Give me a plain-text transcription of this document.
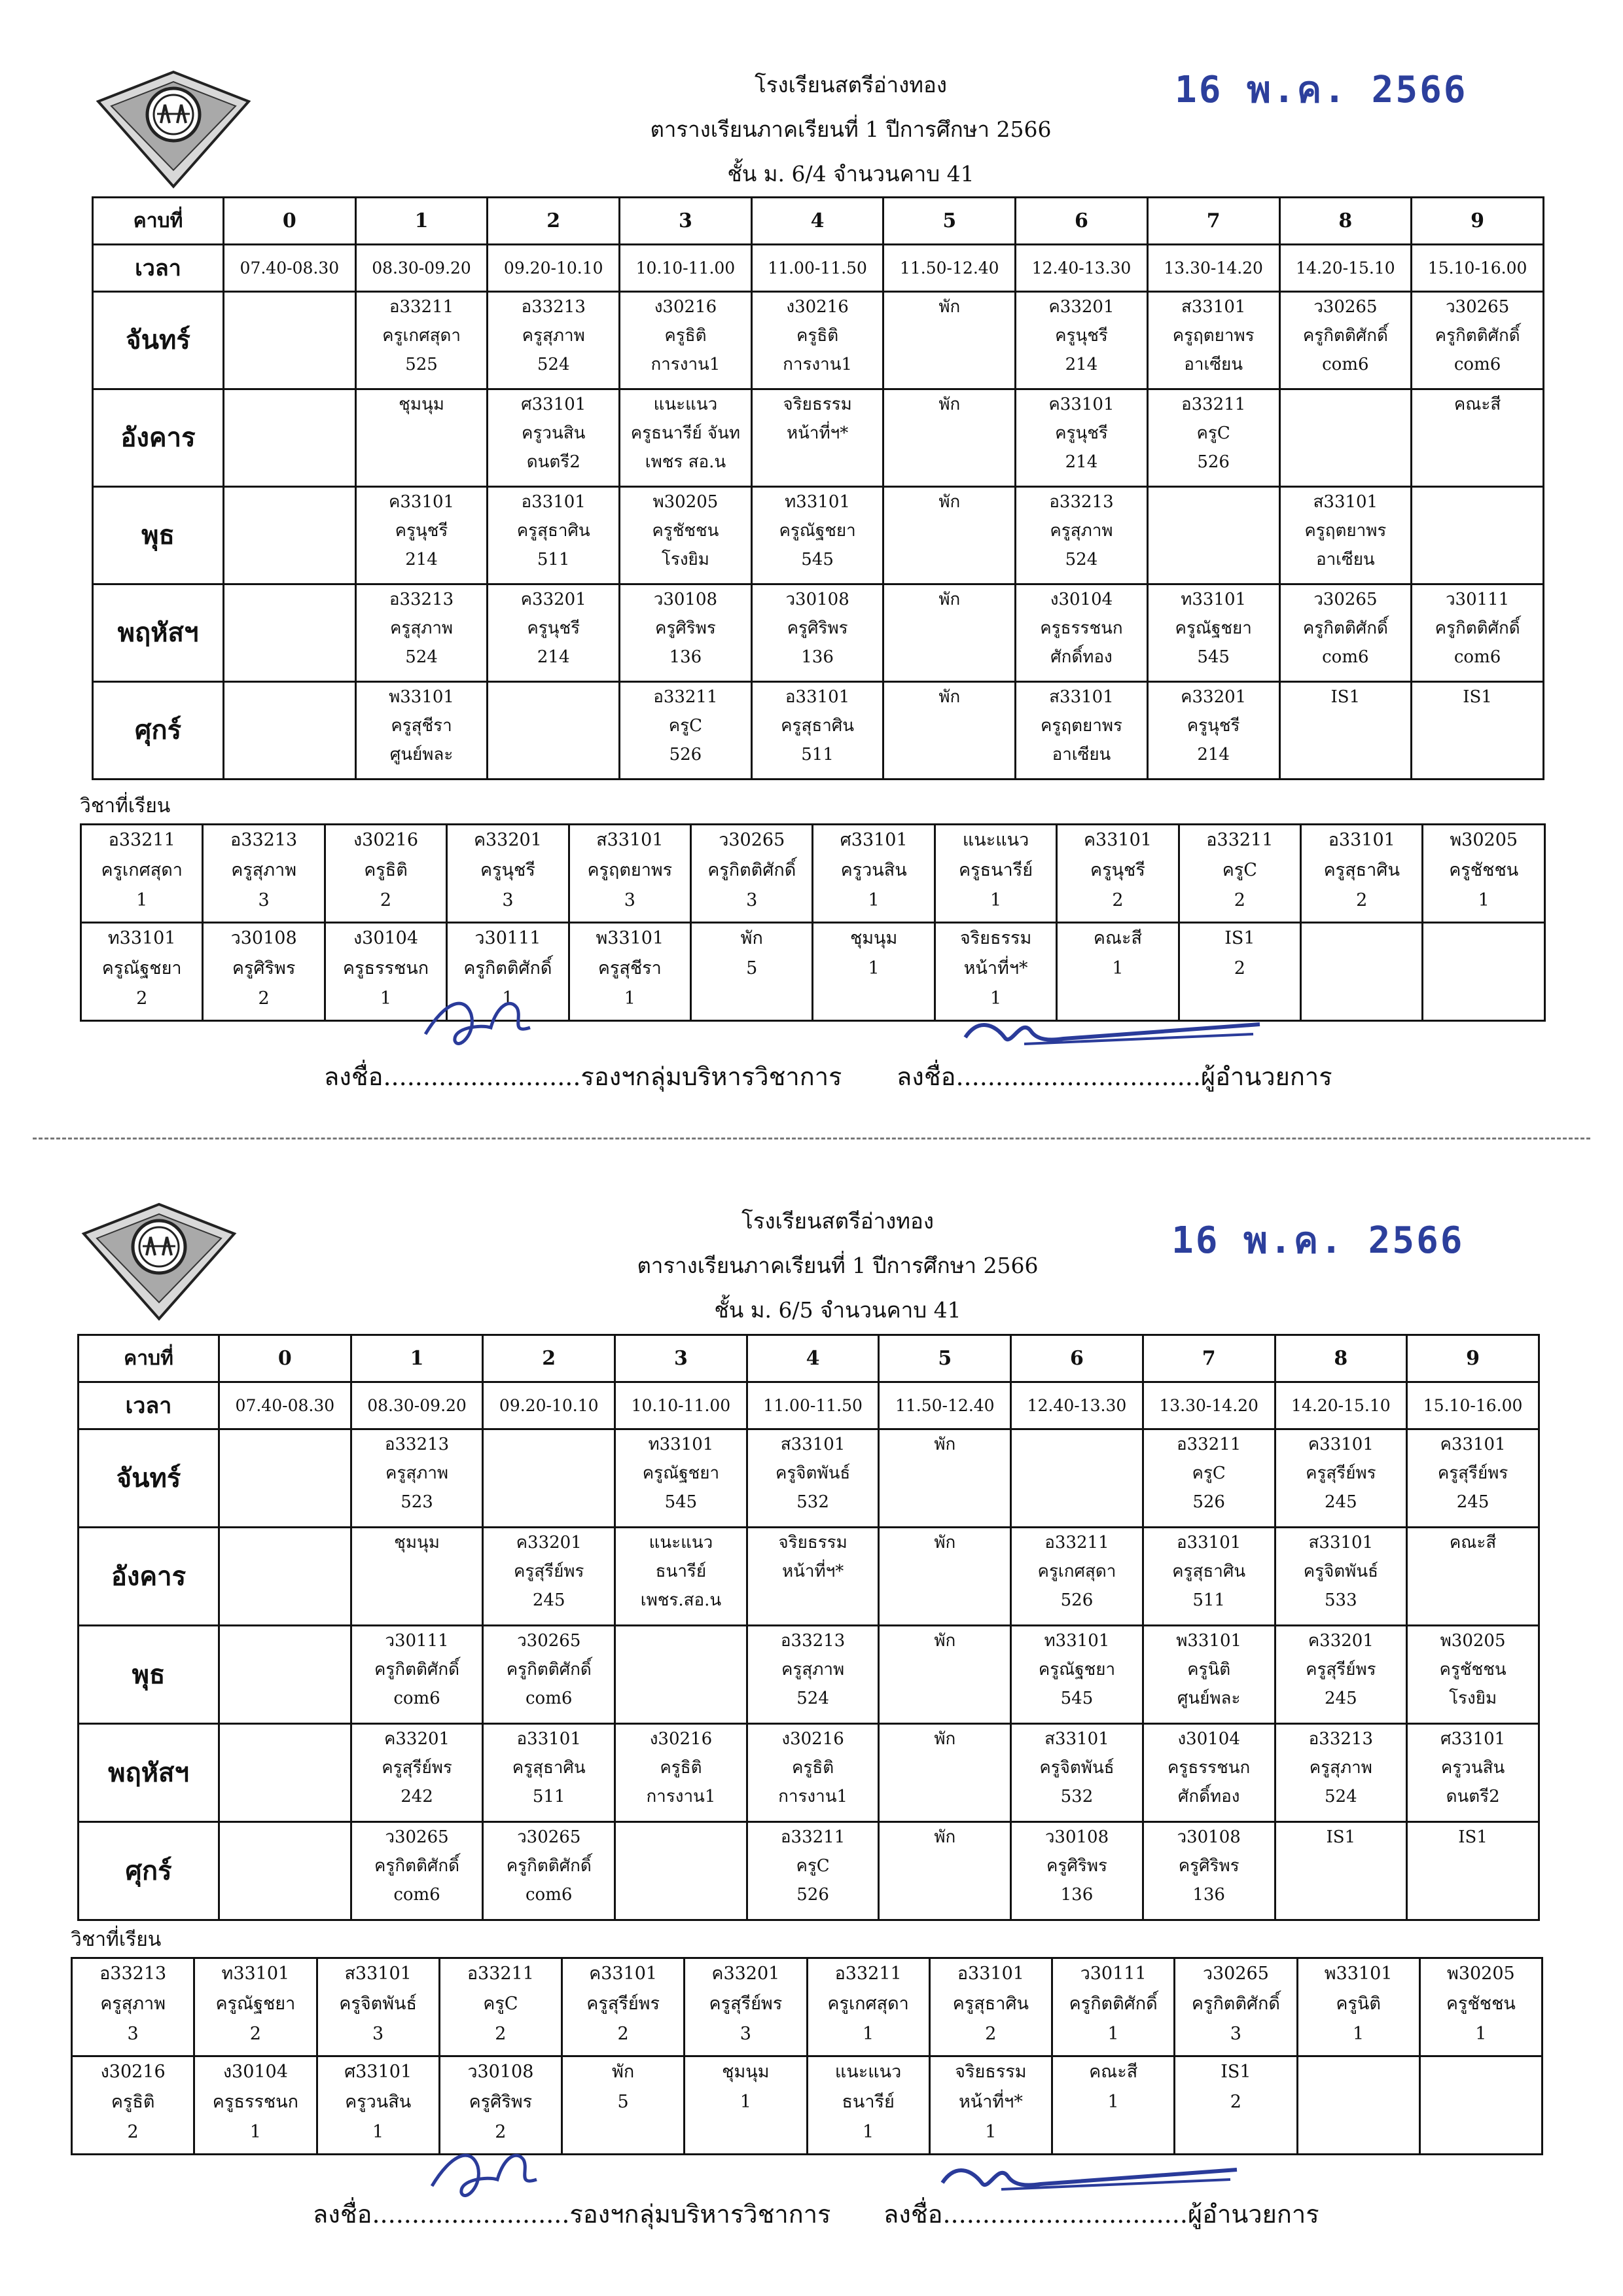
โรงเรียนสตรีอ่างทอง
ตารางเรียนภาคเรียนที่ 1 ปีการศึกษา 2566
ชั้น ม. 6/4 จำนวนคาบ 41
16 พ.ค. 2566
คาบที่	0	1	2	3	4	5	6	7	8	9
เวลา	07.40-08.30	08.30-09.20	09.20-10.10	10.10-11.00	11.00-11.50	11.50-12.40	12.40-13.30	13.30-14.20	14.20-15.10	15.10-16.00
จันทร์		อ33211
ครูเกศสุดา
525	อ33213
ครูสุภาพ
524	ง30216
ครูธิติ
การงาน1	ง30216
ครูธิติ
การงาน1	พัก	ค33201
ครูนุชรี
214	ส33101
ครูฤตยาพร
อาเซียน	ว30265
ครูกิตติศักดิ์
com6	ว30265
ครูกิตติศักดิ์
com6

อังคาร		ชุมนุม	ศ33101
ครูวนสิน
ดนตรี2	แนะแนว
ครูธนารีย์ จันท
เพชร สอ.น	จริยธรรม
หน้าที่ฯ*	พัก	ค33101
ครูนุชรี
214	อ33211
ครูC
526		คณะสี

พุธ		ค33101
ครูนุชรี
214	อ33101
ครูสุธาศิน
511	พ30205
ครูชัชชน
โรงยิม	ท33101
ครูณัฐชยา
545	พัก	อ33213
ครูสุภาพ
524		ส33101
ครูฤตยาพร
อาเซียน	

พฤหัสฯ		อ33213
ครูสุภาพ
524	ค33201
ครูนุชรี
214	ว30108
ครูศิริพร
136	ว30108
ครูศิริพร
136	พัก	ง30104
ครูธรรชนก
ศักดิ์ทอง	ท33101
ครูณัฐชยา
545	ว30265
ครูกิตติศักดิ์
com6	ว30111
ครูกิตติศักดิ์
com6

ศุกร์		พ33101
ครูสุชีรา
ศูนย์พละ		อ33211
ครูC
526	อ33101
ครูสุธาศิน
511	พัก	ส33101
ครูฤตยาพร
อาเซียน	ค33201
ครูนุชรี
214	IS1	IS1
วิชาที่เรียน
อ33211
ครูเกศสุดา
1	อ33213
ครูสุภาพ
3	ง30216
ครูธิติ
2	ค33201
ครูนุชรี
3	ส33101
ครูฤตยาพร
3	ว30265
ครูกิตติศักดิ์
3	ศ33101
ครูวนสิน
1	แนะแนว
ครูธนารีย์
1	ค33101
ครูนุชรี
2	อ33211
ครูC
2	อ33101
ครูสุธาศิน
2	พ30205
ครูชัชชน
1

ท33101
ครูณัฐชยา
2	ว30108
ครูศิริพร
2	ง30104
ครูธรรชนก
1	ว30111
ครูกิตติศักดิ์
1	พ33101
ครูสุชีรา
1	พัก
5	ชุมนุม
1	จริยธรรม
หน้าที่ฯ*
1	คณะสี
1	IS1
2		

ลงชื่อ.........................รองฯกลุ่มบริหารวิชาการ ลงชื่อ...............................ผู้อำนวยการ
โรงเรียนสตรีอ่างทอง
ตารางเรียนภาคเรียนที่ 1 ปีการศึกษา 2566
ชั้น ม. 6/5 จำนวนคาบ 41
16 พ.ค. 2566
คาบที่	0	1	2	3	4	5	6	7	8	9
เวลา	07.40-08.30	08.30-09.20	09.20-10.10	10.10-11.00	11.00-11.50	11.50-12.40	12.40-13.30	13.30-14.20	14.20-15.10	15.10-16.00
จันทร์		อ33213
ครูสุภาพ
523		ท33101
ครูณัฐชยา
545	ส33101
ครูจิตพันธ์
532	พัก		อ33211
ครูC
526	ค33101
ครูสุรีย์พร
245	ค33101
ครูสุรีย์พร
245

อังคาร		ชุมนุม	ค33201
ครูสุรีย์พร
245	แนะแนว
ธนารีย์
เพชร.สอ.น	จริยธรรม
หน้าที่ฯ*	พัก	อ33211
ครูเกศสุดา
526	อ33101
ครูสุธาศิน
511	ส33101
ครูจิตพันธ์
533	คณะสี

พุธ		ว30111
ครูกิตติศักดิ์
com6	ว30265
ครูกิตติศักดิ์
com6		อ33213
ครูสุภาพ
524	พัก	ท33101
ครูณัฐชยา
545	พ33101
ครูนิติ
ศูนย์พละ	ค33201
ครูสุรีย์พร
245	พ30205
ครูชัชชน
โรงยิม

พฤหัสฯ		ค33201
ครูสุรีย์พร
242	อ33101
ครูสุธาศิน
511	ง30216
ครูธิติ
การงาน1	ง30216
ครูธิติ
การงาน1	พัก	ส33101
ครูจิตพันธ์
532	ง30104
ครูธรรชนก
ศักดิ์ทอง	อ33213
ครูสุภาพ
524	ศ33101
ครูวนสิน
ดนตรี2

ศุกร์		ว30265
ครูกิตติศักดิ์
com6	ว30265
ครูกิตติศักดิ์
com6		อ33211
ครูC
526	พัก	ว30108
ครูศิริพร
136	ว30108
ครูศิริพร
136	IS1	IS1
วิชาที่เรียน
อ33213
ครูสุภาพ
3	ท33101
ครูณัฐชยา
2	ส33101
ครูจิตพันธ์
3	อ33211
ครูC
2	ค33101
ครูสุรีย์พร
2	ค33201
ครูสุรีย์พร
3	อ33211
ครูเกศสุดา
1	อ33101
ครูสุธาศิน
2	ว30111
ครูกิตติศักดิ์
1	ว30265
ครูกิตติศักดิ์
3	พ33101
ครูนิติ
1	พ30205
ครูชัชชน
1

ง30216
ครูธิติ
2	ง30104
ครูธรรชนก
1	ศ33101
ครูวนสิน
1	ว30108
ครูศิริพร
2	พัก
5	ชุมนุม
1	แนะแนว
ธนารีย์
1	จริยธรรม
หน้าที่ฯ*
1	คณะสี
1	IS1
2		

ลงชื่อ.........................รองฯกลุ่มบริหารวิชาการ ลงชื่อ...............................ผู้อำนวยการ
